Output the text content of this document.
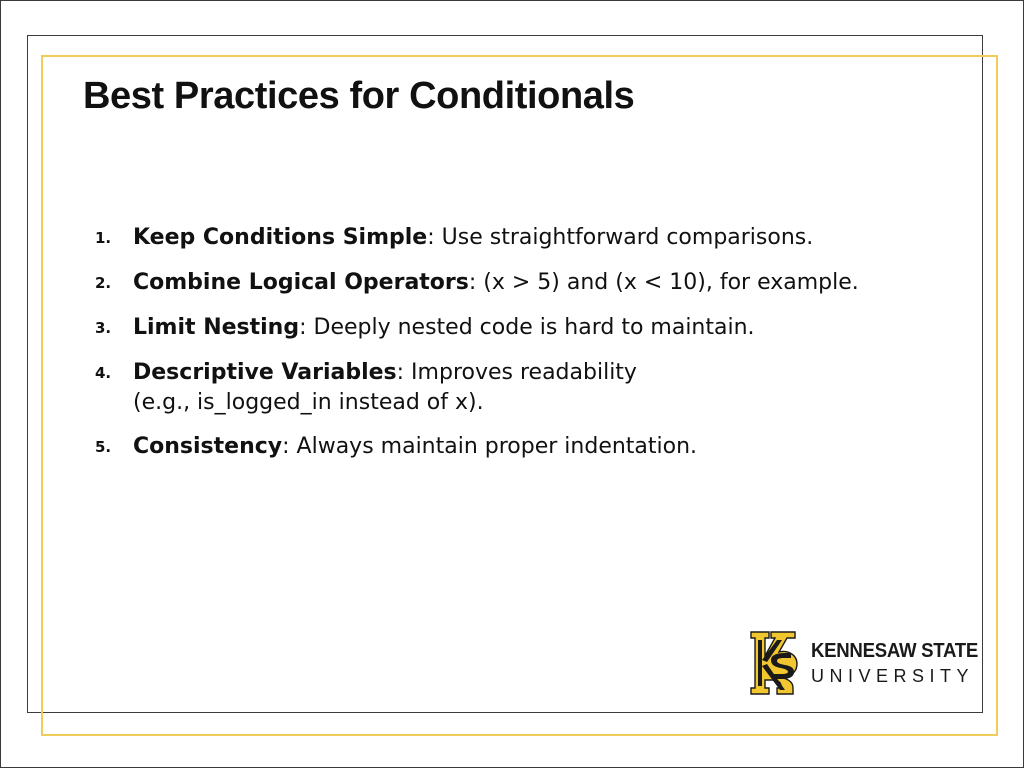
Best Practices for Conditionals
1. Keep Conditions Simple: Use straightforward comparisons.
2. Combine Logical Operators: (x > 5) and (x < 10), for example.
3. Limit Nesting: Deeply nested code is hard to maintain.
4. Descriptive Variables: Improves readability
(e.g., is_logged_in instead of x).
5. Consistency: Always maintain proper indentation.
KENNESAW STATE
UNIVERSITY
